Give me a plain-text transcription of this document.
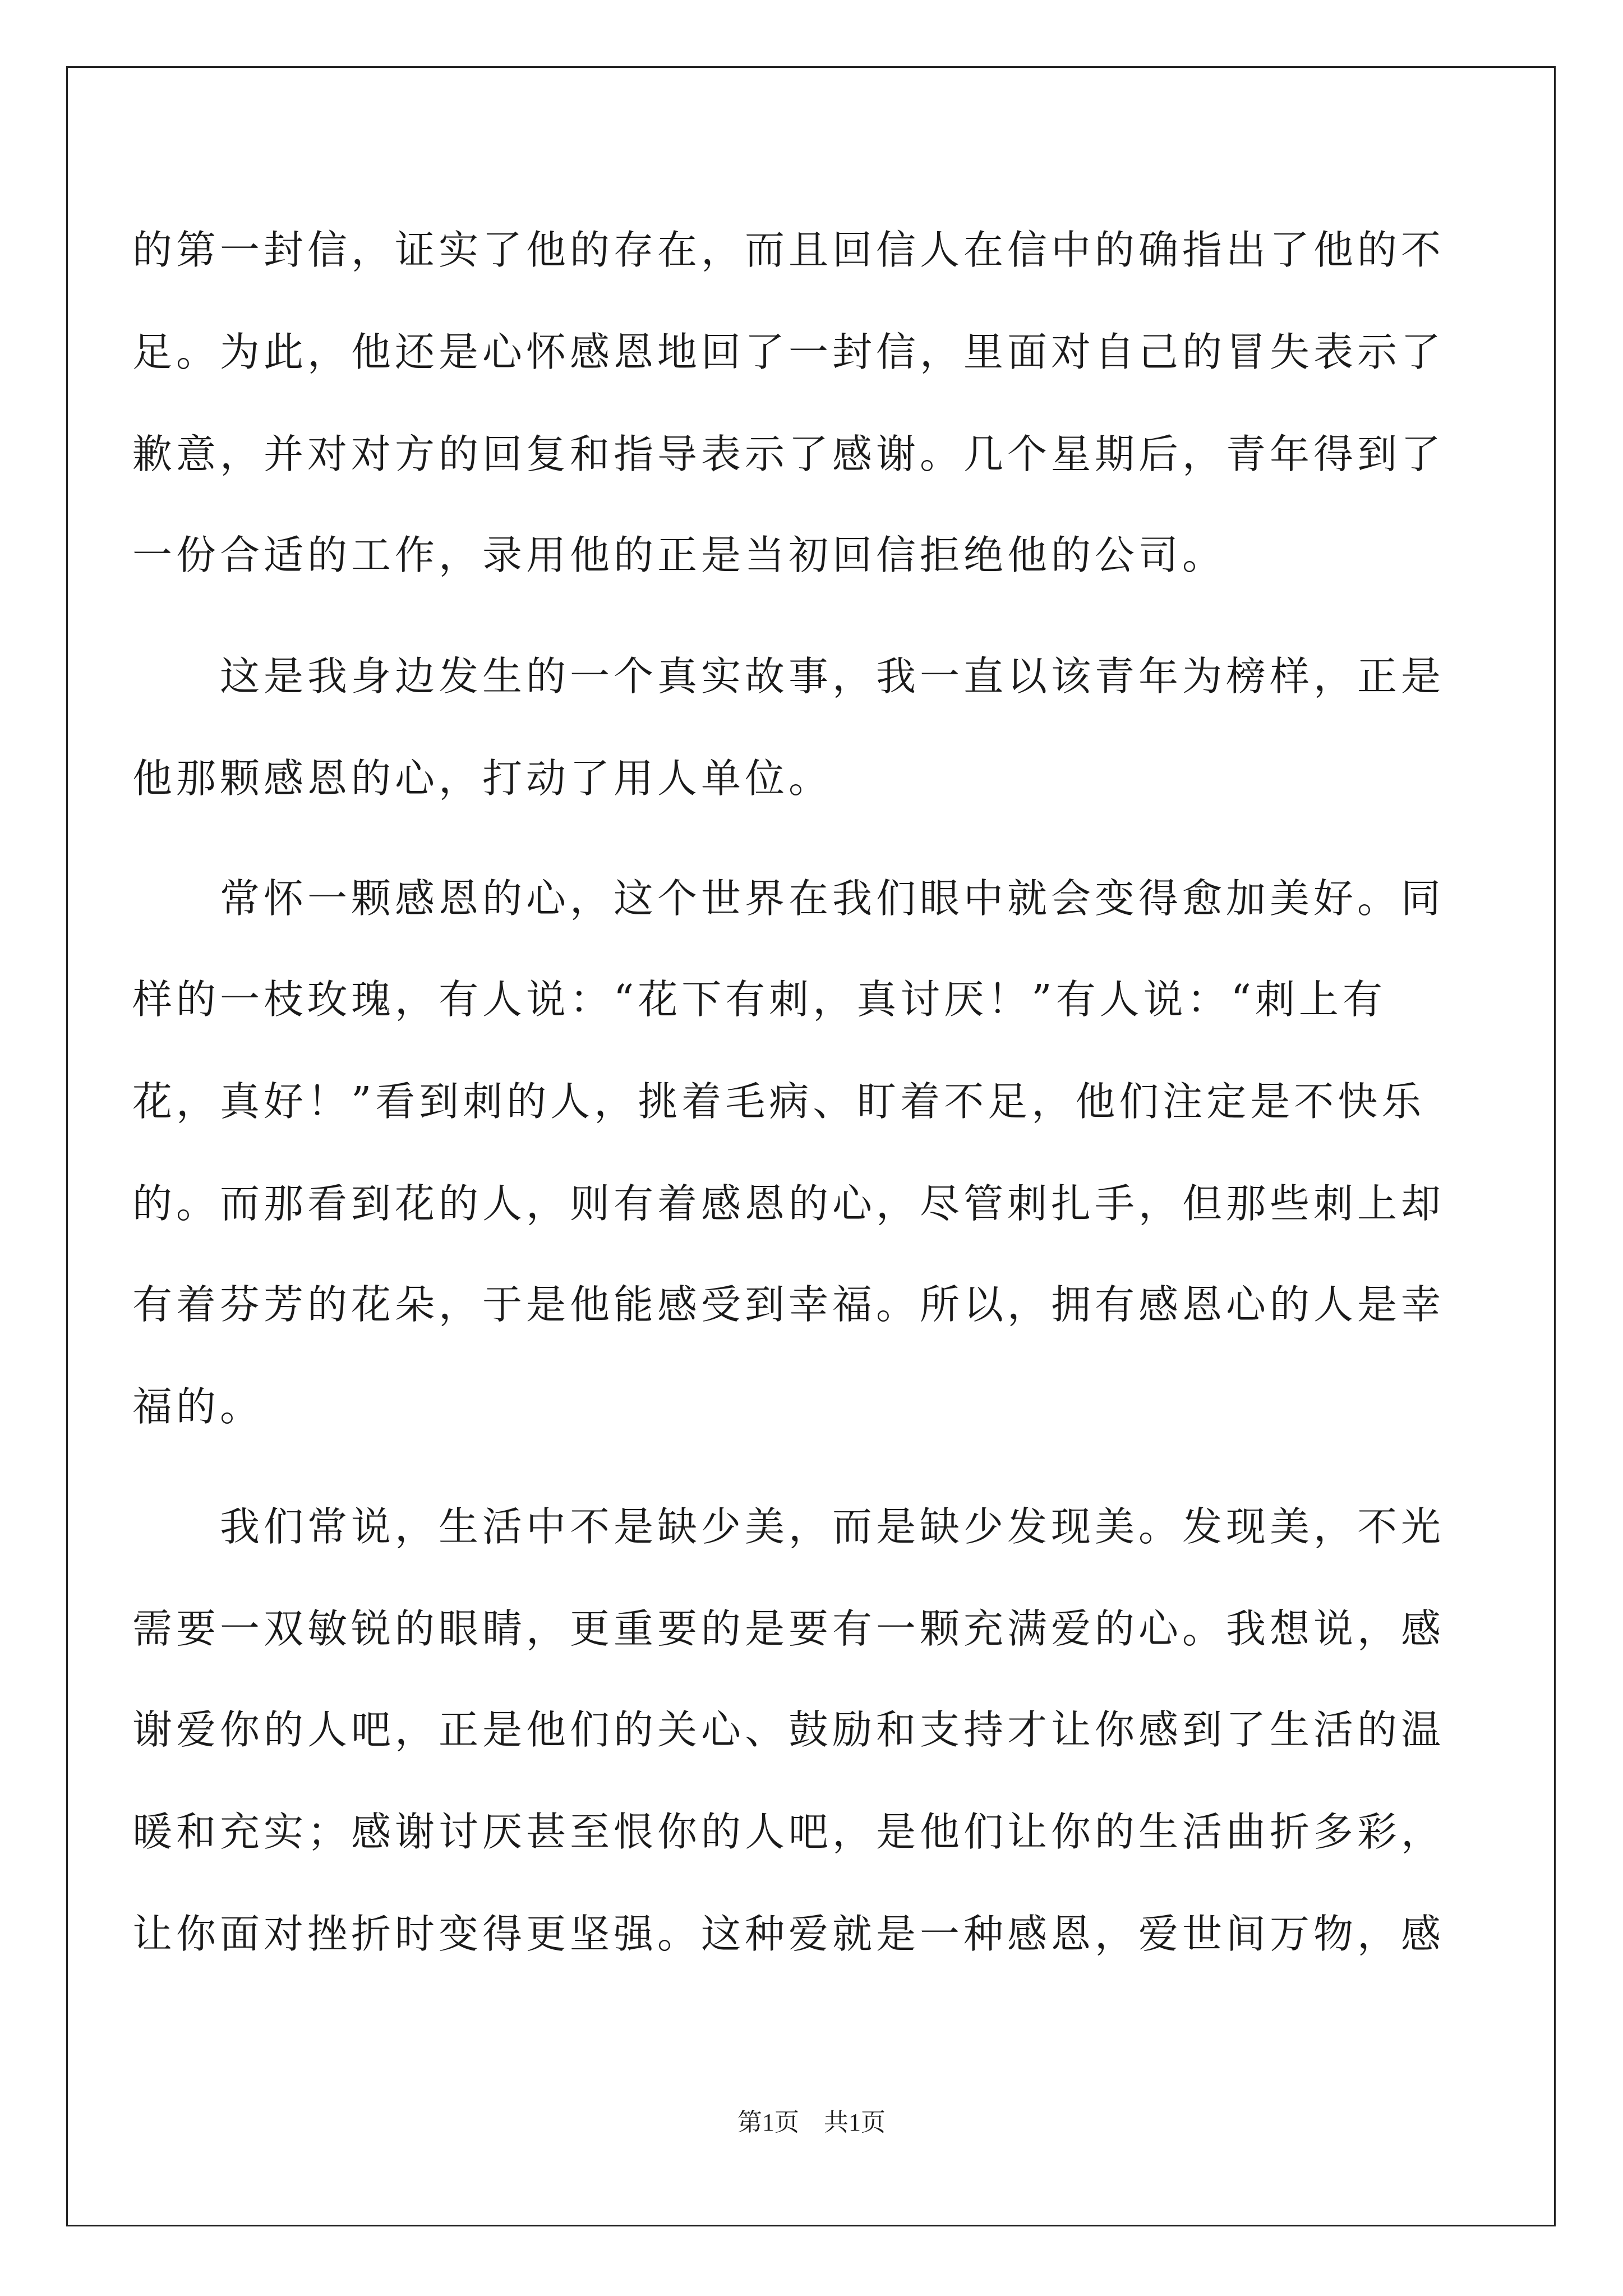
的第一封信，证实了他的存在，而且回信人在信中的确指出了他的不

足。为此，他还是心怀感恩地回了一封信，里面对自己的冒失表示了

歉意，并对对方的回复和指导表示了感谢。几个星期后，青年得到了

一份合适的工作，录用他的正是当初回信拒绝他的公司。

　　这是我身边发生的一个真实故事，我一直以该青年为榜样，正是

他那颗感恩的心，打动了用人单位。

　　常怀一颗感恩的心，这个世界在我们眼中就会变得愈加美好。同

样的一枝玫瑰，有人说：“花下有刺，真讨厌！”有人说：“刺上有

花，真好！”看到刺的人，挑着毛病、盯着不足，他们注定是不快乐

的。而那看到花的人，则有着感恩的心，尽管刺扎手，但那些刺上却

有着芬芳的花朵，于是他能感受到幸福。所以，拥有感恩心的人是幸

福的。

　　我们常说，生活中不是缺少美，而是缺少发现美。发现美，不光

需要一双敏锐的眼睛，更重要的是要有一颗充满爱的心。我想说，感

谢爱你的人吧，正是他们的关心、鼓励和支持才让你感到了生活的温

暖和充实；感谢讨厌甚至恨你的人吧，是他们让你的生活曲折多彩，

让你面对挫折时变得更坚强。这种爱就是一种感恩，爱世间万物，感

第1页 共1页
